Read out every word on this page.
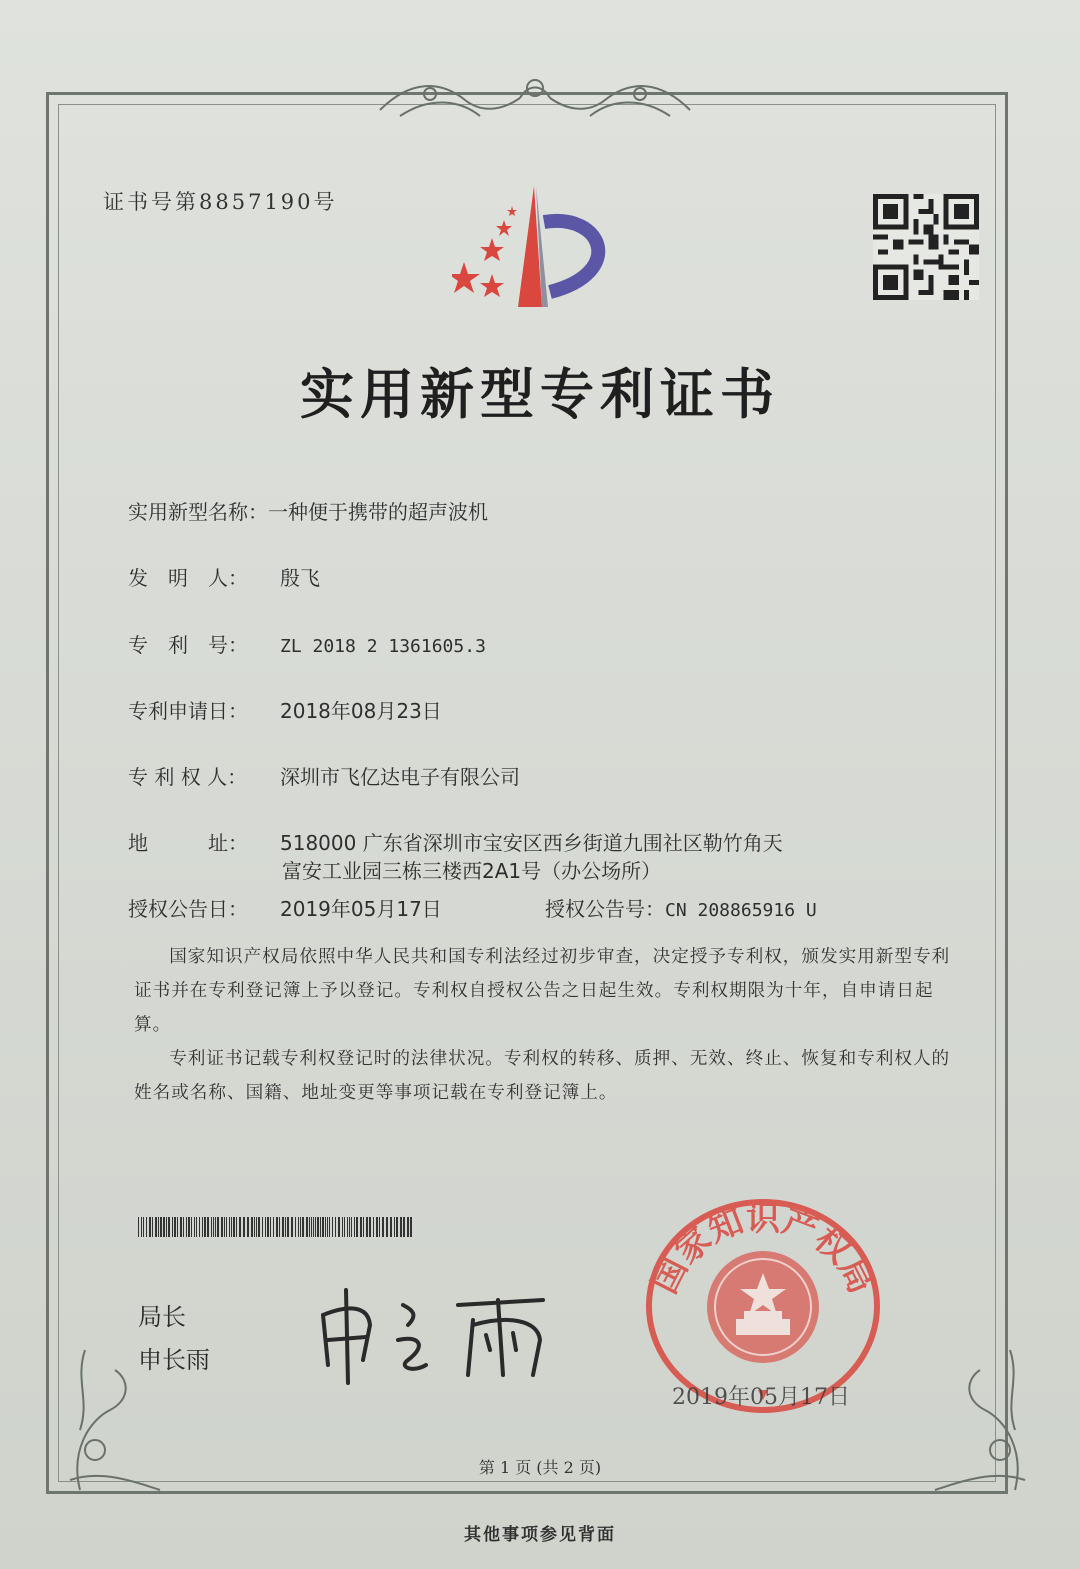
证书号第8857190号
实用新型专利证书
实用新型名称：一种便于携带的超声波机
发　明　人： 殷飞
专　利　号： ZL 2018 2 1361605.3
专利申请日： 2018年08月23日
专 利 权 人： 深圳市飞亿达电子有限公司
地　　　址： 518000 广东省深圳市宝安区西乡街道九围社区勒竹角天
富安工业园三栋三楼西2A1号（办公场所）
授权公告日： 2019年05月17日	授权公告号：CN 208865916 U
国家知识产权局依照中华人民共和国专利法经过初步审查，决定授予专利权，颁发实用新型专利证书并在专利登记簿上予以登记。专利权自授权公告之日起生效。专利权期限为十年，自申请日起算。
专利证书记载专利权登记时的法律状况。专利权的转移、质押、无效、终止、恢复和专利权人的姓名或名称、国籍、地址变更等事项记载在专利登记簿上。
局长
申长雨
国家知识产权局
2019年05月17日
第 1 页 (共 2 页)
其他事项参见背面
